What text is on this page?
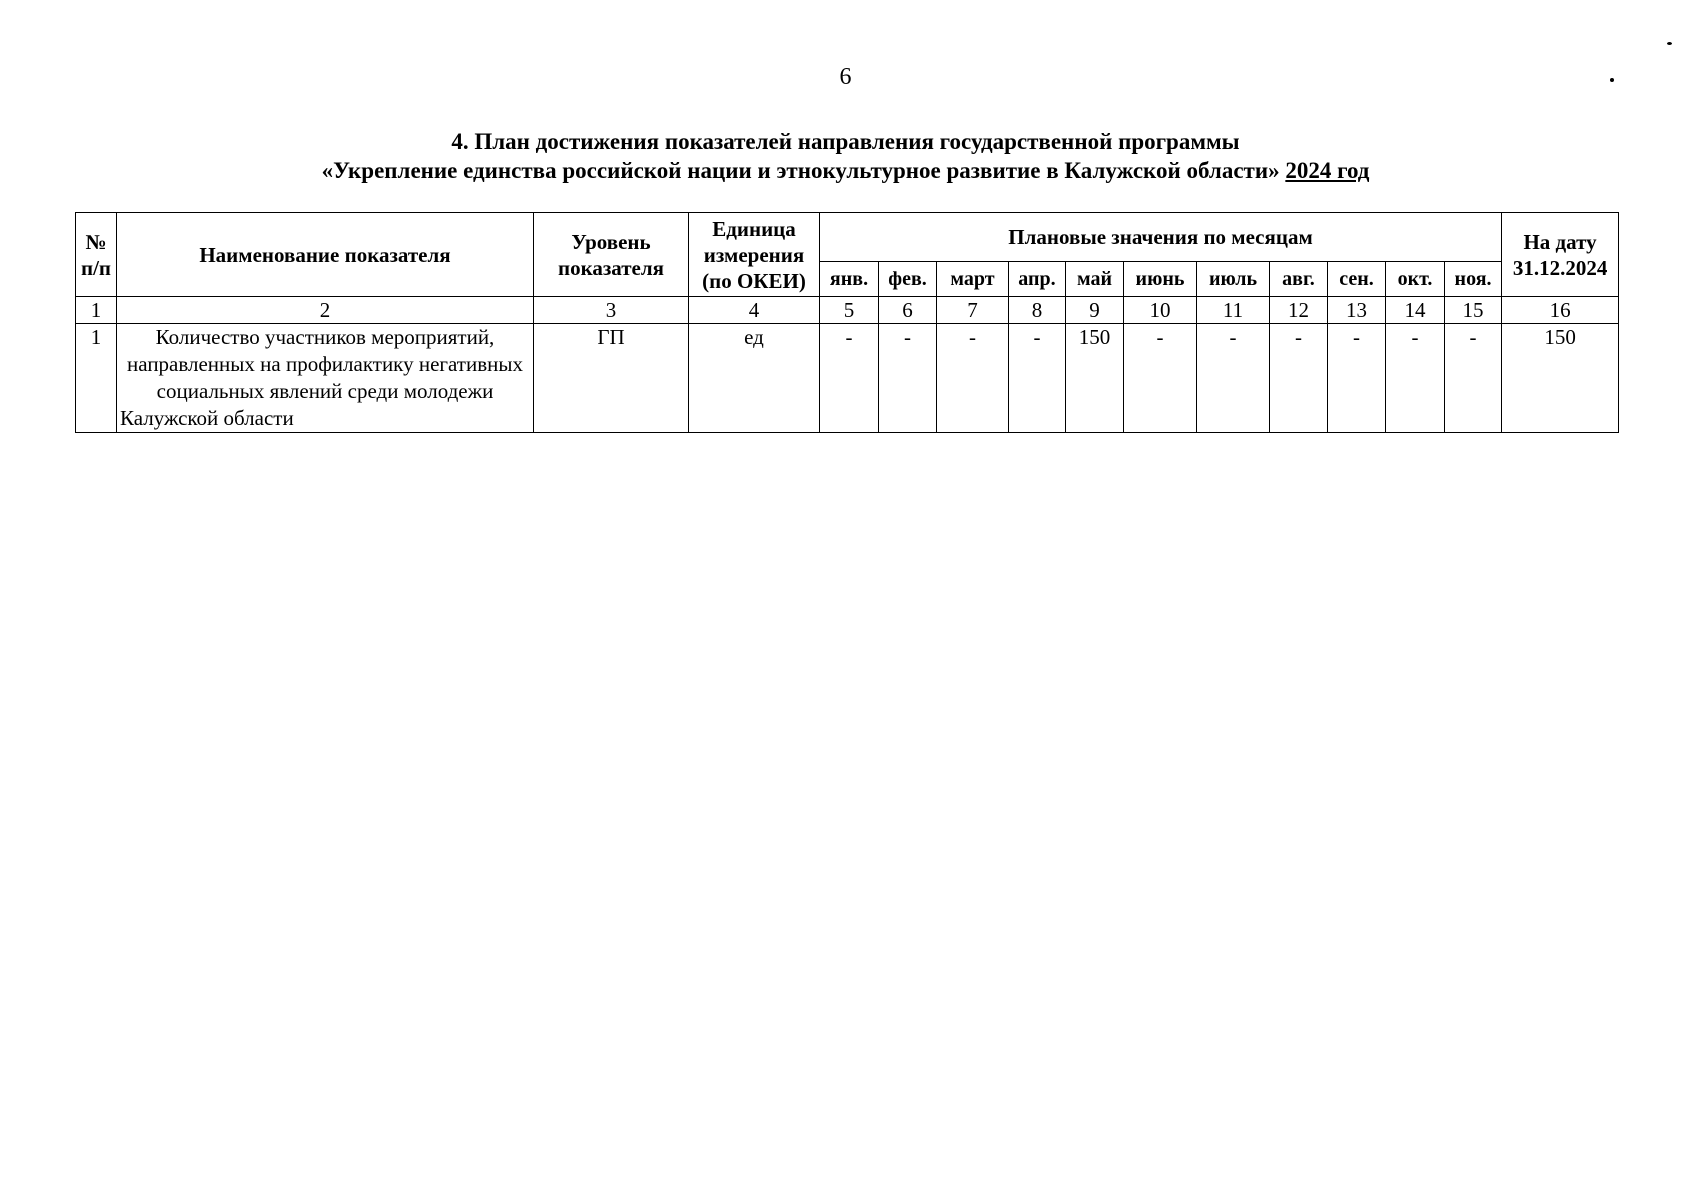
6
4. План достижения показателей направления государственной программы
«Укрепление единства российской нации и этнокультурное развитие в Калужской области» 2024 год
№ п/п	Наименование показателя	Уровень показателя	Единица измерения (по ОКЕИ)	Плановые значения по месяцам											На дату 31.12.2024
				янв.	фев.	март	апр.	май	июнь	июль	авг.	сен.	окт.	ноя.	
1	2	3	4	5	6	7	8	9	10	11	12	13	14	15	16
1	Количество участников мероприятий, направленных на профилактику негативных социальных явлений среди молодежи Калужской области	ГП	ед	-	-	-	-	150	-	-	-	-	-	-	150
